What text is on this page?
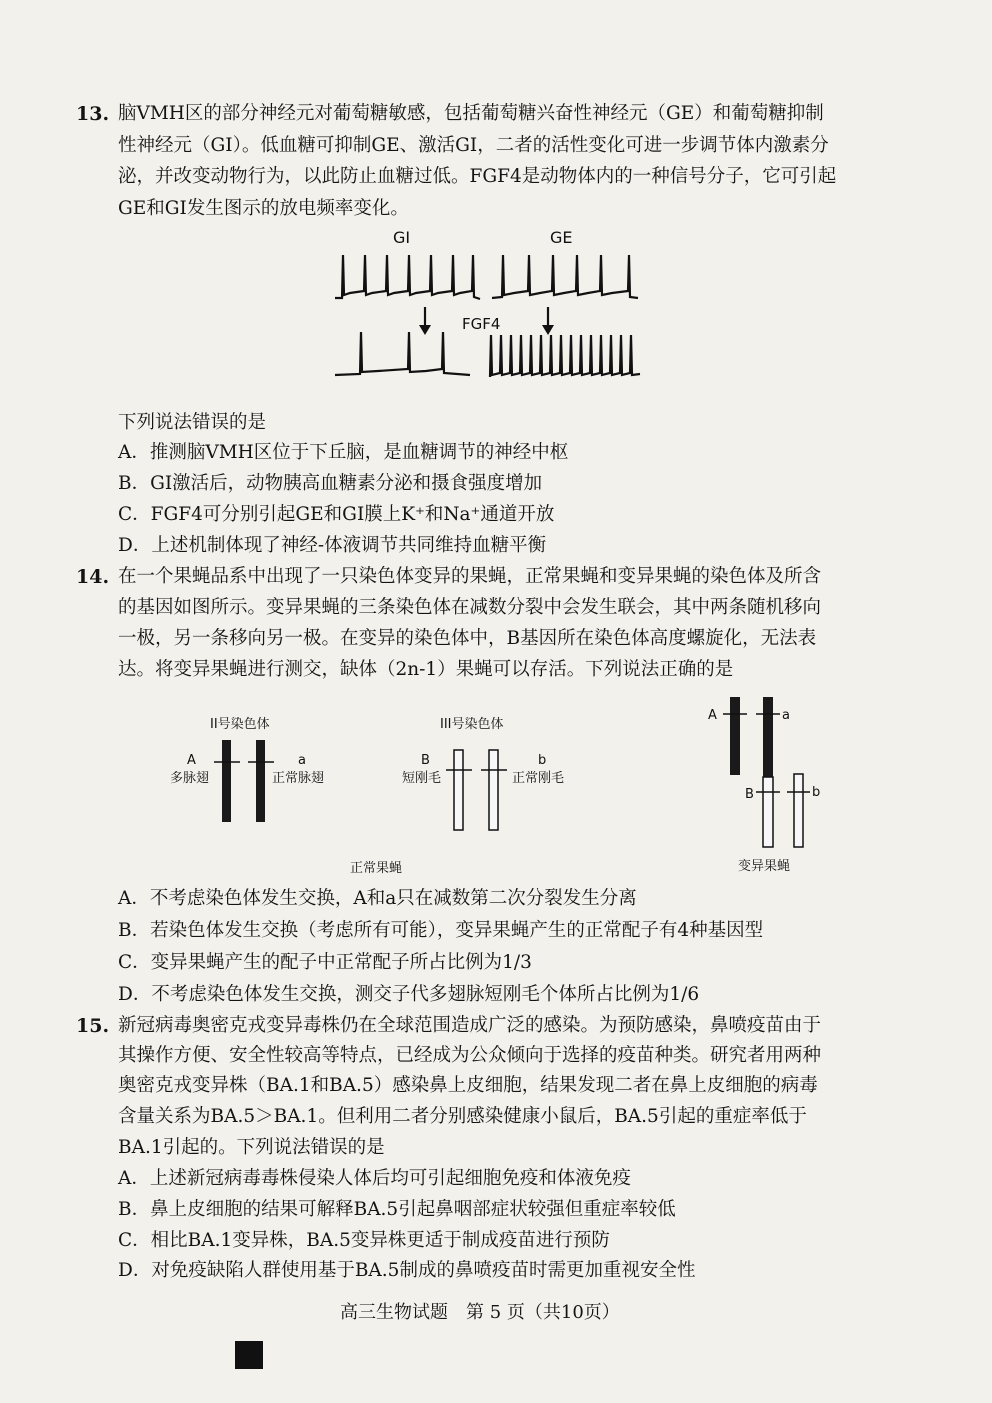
13. 脑VMH区的部分神经元对葡萄糖敏感，包括葡萄糖兴奋性神经元（GE）和葡萄糖抑制
性神经元（GI）。低血糖可抑制GE、激活GI，二者的活性变化可进一步调节体内激素分
泌，并改变动物行为，以此防止血糖过低。FGF4是动物体内的一种信号分子，它可引起
GE和GI发生图示的放电频率变化。
GI	GE
FGF4
下列说法错误的是
A．推测脑VMH区位于下丘脑，是血糖调节的神经中枢
B．GI激活后，动物胰高血糖素分泌和摄食强度增加
C．FGF4可分别引起GE和GI膜上K⁺和Na⁺通道开放
D．上述机制体现了神经-体液调节共同维持血糖平衡
14. 在一个果蝇品系中出现了一只染色体变异的果蝇，正常果蝇和变异果蝇的染色体及所含
的基因如图所示。变异果蝇的三条染色体在减数分裂中会发生联会，其中两条随机移向
一极，另一条移向另一极。在变异的染色体中，B基因所在染色体高度螺旋化，无法表
达。将变异果蝇进行测交，缺体（2n-1）果蝇可以存活。下列说法正确的是
II号染色体	III号染色体
A	a
多脉翅	正常脉翅
B	b
短刚毛	正常刚毛
正常果蝇
A	a
B	b
变异果蝇
A．不考虑染色体发生交换，A和a只在减数第二次分裂发生分离
B．若染色体发生交换（考虑所有可能），变异果蝇产生的正常配子有4种基因型
C．变异果蝇产生的配子中正常配子所占比例为1/3
D．不考虑染色体发生交换，测交子代多翅脉短刚毛个体所占比例为1/6
15. 新冠病毒奥密克戎变异毒株仍在全球范围造成广泛的感染。为预防感染，鼻喷疫苗由于
其操作方便、安全性较高等特点，已经成为公众倾向于选择的疫苗种类。研究者用两种
奥密克戎变异株（BA.1和BA.5）感染鼻上皮细胞，结果发现二者在鼻上皮细胞的病毒
含量关系为BA.5＞BA.1。但利用二者分别感染健康小鼠后，BA.5引起的重症率低于
BA.1引起的。下列说法错误的是
A．上述新冠病毒毒株侵染人体后均可引起细胞免疫和体液免疫
B．鼻上皮细胞的结果可解释BA.5引起鼻咽部症状较强但重症率较低
C．相比BA.1变异株，BA.5变异株更适于制成疫苗进行预防
D．对免疫缺陷人群使用基于BA.5制成的鼻喷疫苗时需更加重视安全性
高三生物试题　第 5 页（共10页）
